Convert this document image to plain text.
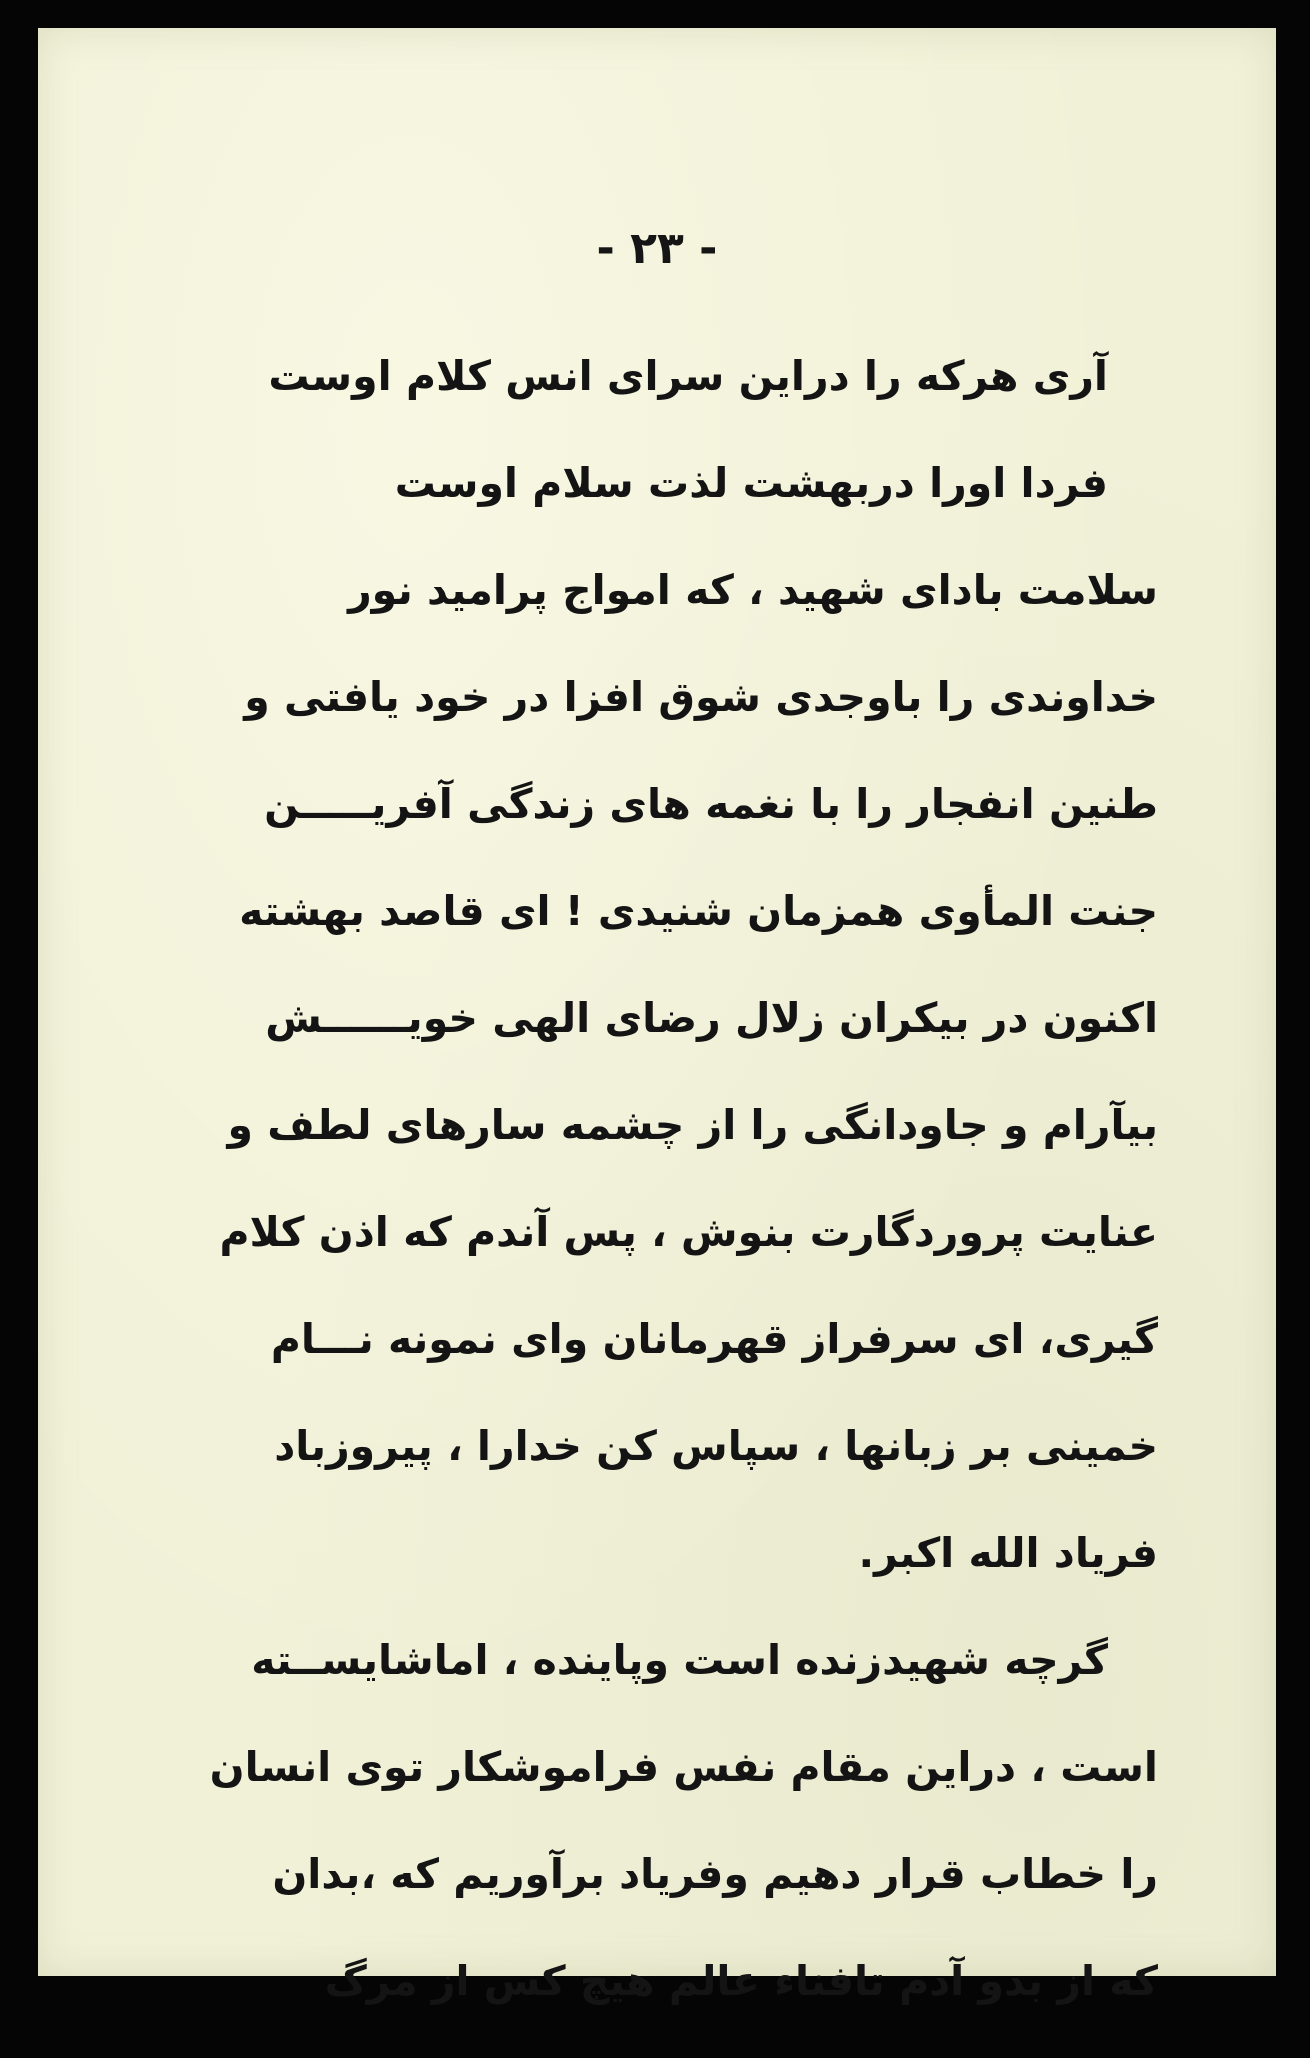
- ٢٣ -
آری هرکه را دراین سرای انس کلام اوست
فردا اورا دربهشت لذت سلام اوست
سلامت بادای شهید ، که امواج پرامید نور
خداوندی را باوجدی شوق افزا در خود یافتی و
طنین انفجار را با نغمه های زندگی آفریـــــن
جنت المأوی همزمان شنیدی ! ای قاصد بهشته
اکنون در بیکران زلال رضای الهی خویــــــش
بیآرام و جاودانگی را از چشمه سارهای لطف و
عنایت پروردگارت بنوش ، پس آندم که اذن کلام
گیری، ای سرفراز قهرمانان وای نمونه نـــام
خمینی بر زبانها ، سپاس کن خدارا ، پیروزباد
فریاد الله اکبر.
گرچه شهیدزنده است وپاینده ، اماشایســته
است ، دراین مقام نفس فراموشکار توی انسان
را خطاب قرار دهیم وفریاد برآوریم که ،بدان
که از بدو آدم تافناء عالم هیچ کس از مرگ
